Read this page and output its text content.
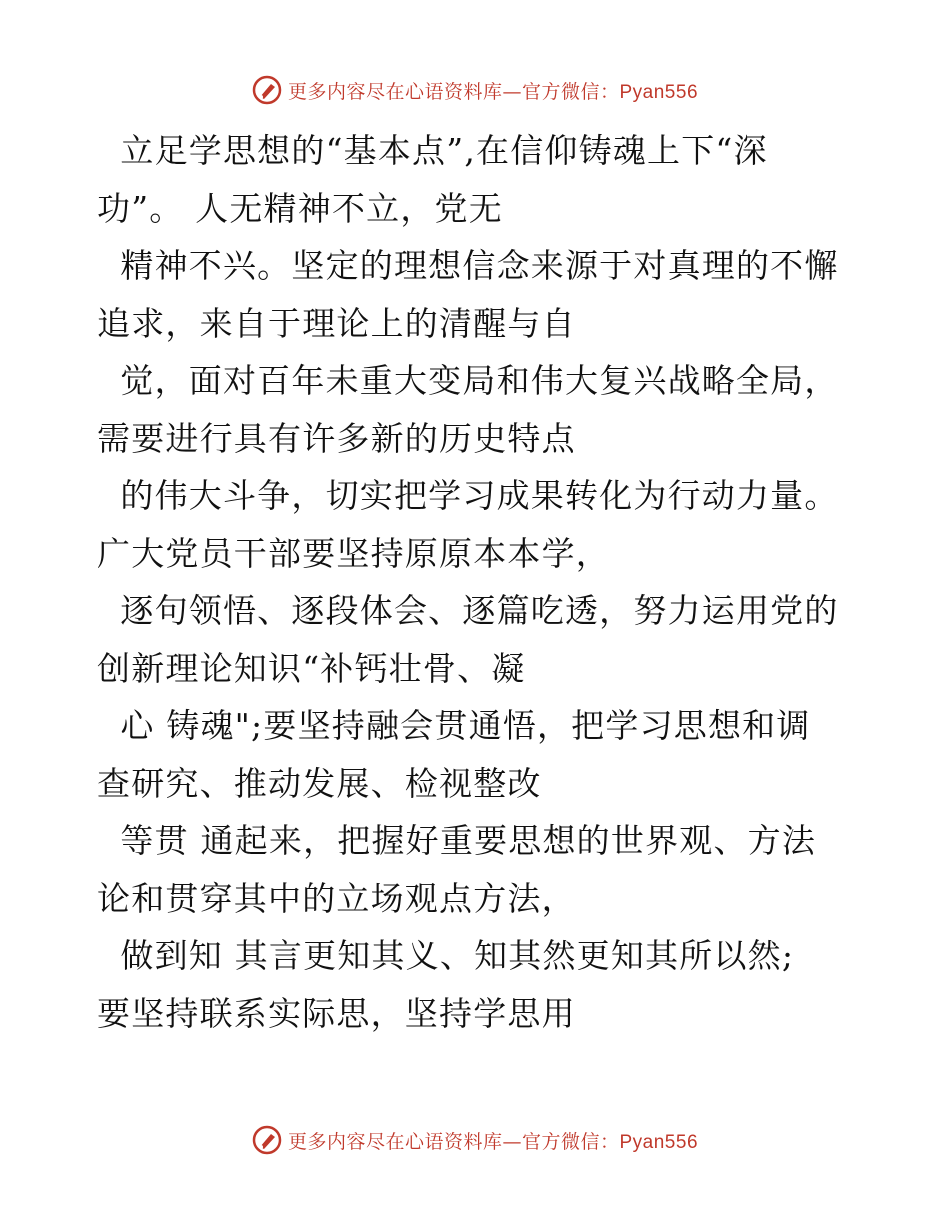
更多内容尽在心语资料库—官方微信：Pyan556
立足学思想的“基本点”,在信仰铸魂上下“深
功”。 人无精神不立，党无
精神不兴。坚定的理想信念来源于对真理的不懈
追求，来自于理论上的清醒与自
觉，面对百年未重大变局和伟大复兴战略全局，
需要进行具有许多新的历史特点
的伟大斗争，切实把学习成果转化为行动力量。
广大党员干部要坚持原原本本学，
逐句领悟、逐段体会、逐篇吃透，努力运用党的
创新理论知识“补钙壮骨、凝
心 铸魂";要坚持融会贯通悟，把学习思想和调
查研究、推动发展、检视整改
等贯 通起来，把握好重要思想的世界观、方法
论和贯穿其中的立场观点方法，
做到知 其言更知其义、知其然更知其所以然;
要坚持联系实际思，坚持学思用
更多内容尽在心语资料库—官方微信：Pyan556
